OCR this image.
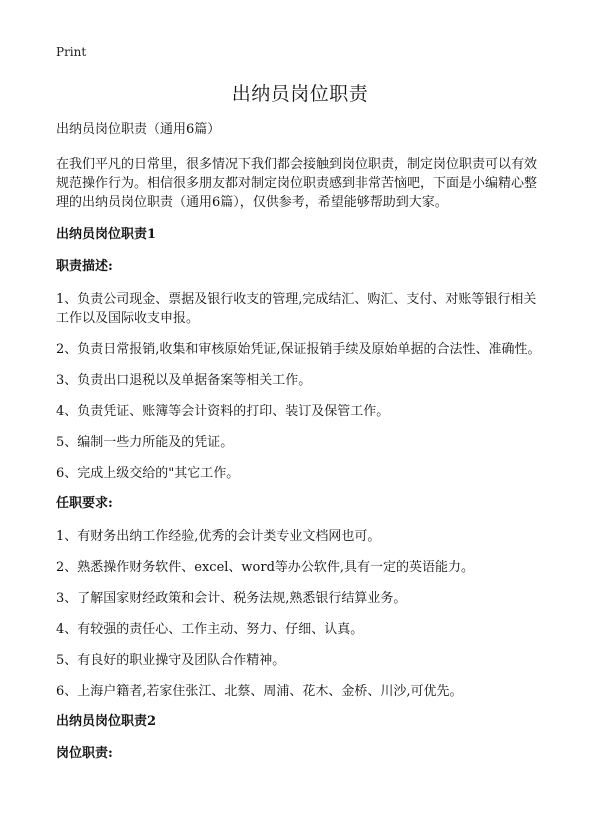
Print
出纳员岗位职责

出纳员岗位职责（通用6篇）

在我们平凡的日常里，很多情况下我们都会接触到岗位职责，制定岗位职责可以有效规范操作行为。相信很多朋友都对制定岗位职责感到非常苦恼吧，下面是小编精心整理的出纳员岗位职责（通用6篇），仅供参考，希望能够帮助到大家。

出纳员岗位职责1

职责描述:

1、负责公司现金、票据及银行收支的管理,完成结汇、购汇、支付、对账等银行相关工作以及国际收支申报。

2、负责日常报销,收集和审核原始凭证,保证报销手续及原始单据的合法性、准确性。

3、负责出口退税以及单据备案等相关工作。

4、负责凭证、账簿等会计资料的打印、装订及保管工作。

5、编制一些力所能及的凭证。

6、完成上级交给的"其它工作。

任职要求:

1、有财务出纳工作经验,优秀的会计类专业文档网也可。

2、熟悉操作财务软件、excel、word等办公软件,具有一定的英语能力。

3、了解国家财经政策和会计、税务法规,熟悉银行结算业务。

4、有较强的责任心、工作主动、努力、仔细、认真。

5、有良好的职业操守及团队合作精神。

6、上海户籍者,若家住张江、北蔡、周浦、花木、金桥、川沙,可优先。

出纳员岗位职责2

岗位职责:
